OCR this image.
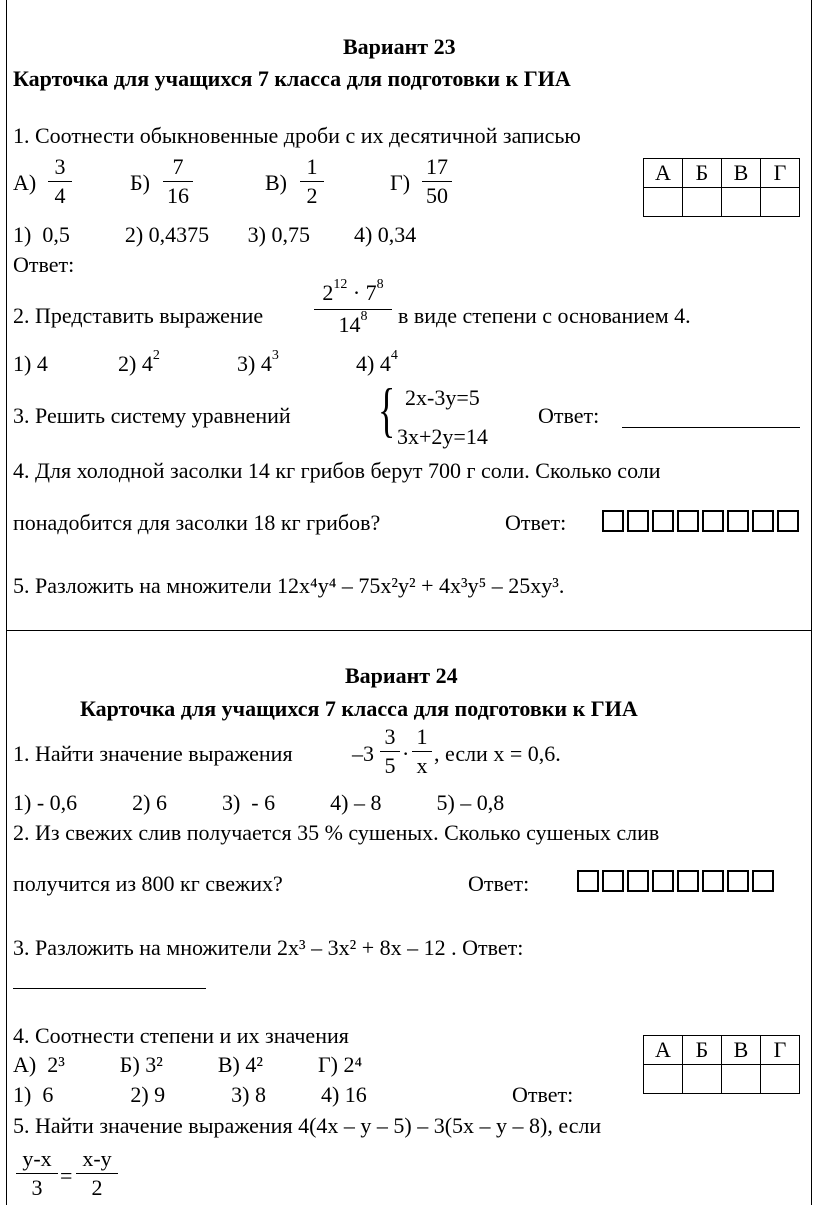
Вариант 23
Карточка для учащихся 7 класса для подготовки к ГИА
1. Соотнести обыкновенные дроби с их десятичной записью
А)
3
4
Б)
7
16
В)
1
2
Г)
17
50
А	Б	В	Г

1)  0,5          2) 0,4375       3) 0,75        4) 0,34
Ответ:
2. Представить выражение
$2^{12} \cdot 7^8$
$14^8$	в виде степени с основанием 4.
1) 4	2) $4^2$	3) $4^3$	4) $4^4$
3. Решить систему уравнений { 2х-3у=5
3х+2у=14
Ответ:
4. Для холодной засолки 14 кг грибов берут 700 г соли. Сколько соли
понадобится для засолки 18 кг грибов?	Ответ:
5. Разложить на множители 12x⁴y⁴ – 75x²y² + 4x³y⁵ – 25xy³.
Вариант 24
Карточка для учащихся 7 класса для подготовки к ГИА
1. Найти значение выражения	–3
3
5 ·
1
x , если х = 0,6.
1) - 0,6          2) 6          3)  - 6          4) – 8          5) – 0,8
2. Из свежих слив получается 35 % сушеных. Сколько сушеных слив
получится из 800 кг свежих?	Ответ:
3. Разложить на множители 2х³ – 3х² + 8х – 12 . Ответ:
4. Соотнести степени и их значения
А)  2³          Б) 3²          В) 4²          Г) 2⁴
А	Б	В	Г

1)  6              2) 9            3) 8          4) 16	Ответ:
5. Найти значение выражения 4(4х – у – 5) – 3(5х – у – 8), если
у-х
3 =
х-у
2
